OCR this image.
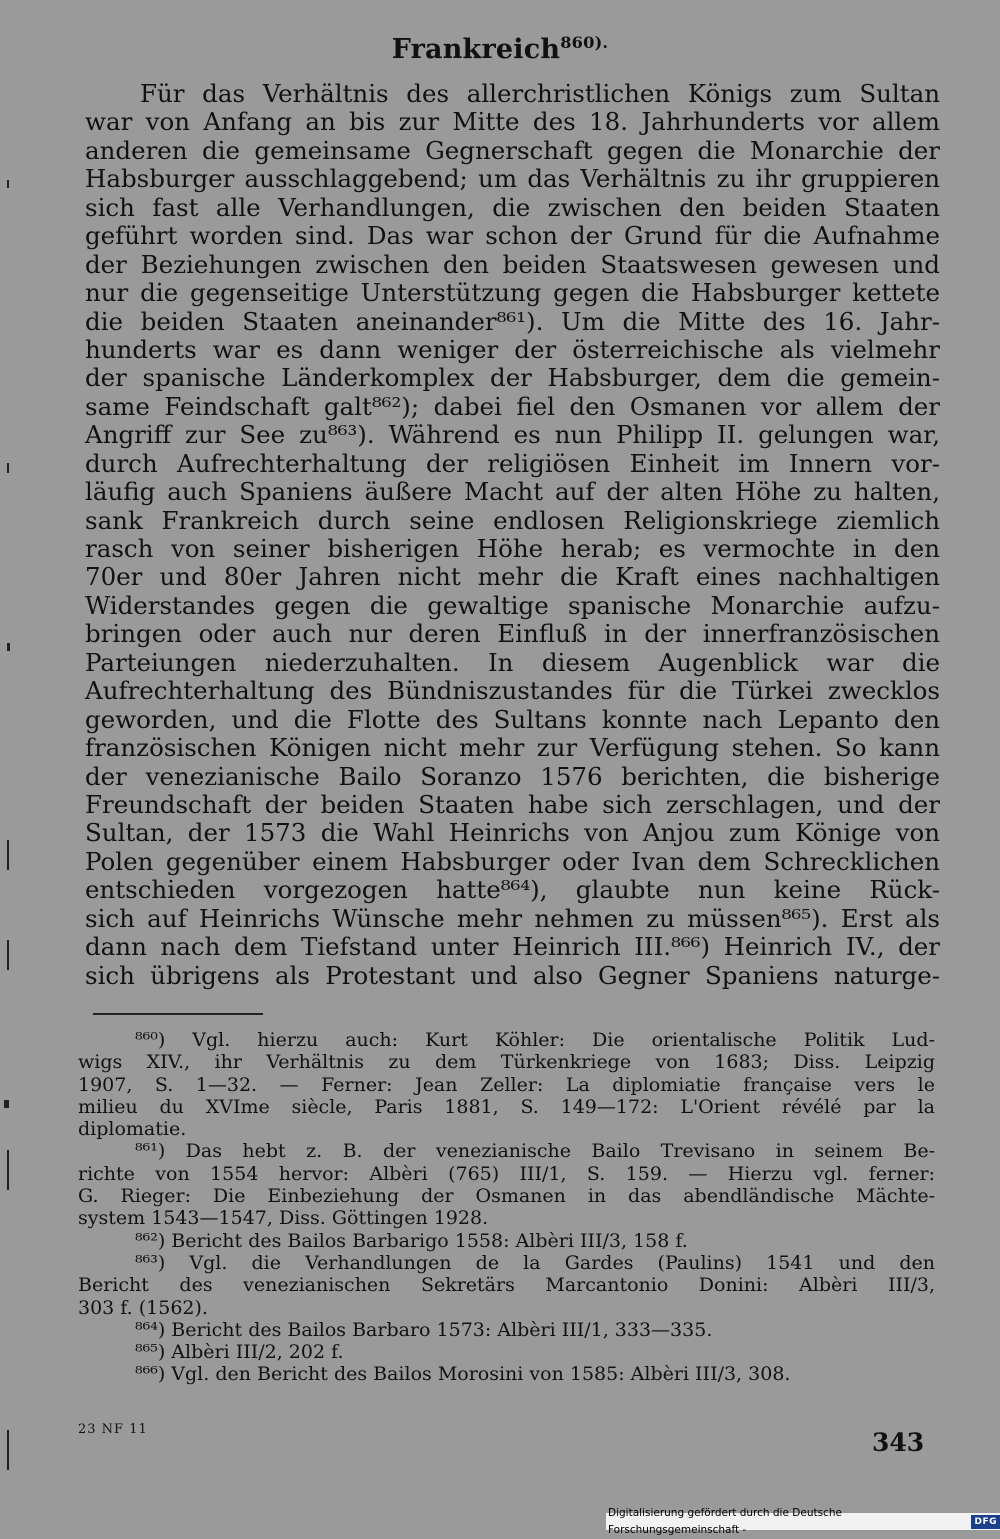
Frankreich$^{860).}$
Für das Verhältnis des allerchristlichen Königs zum Sultan
war von Anfang an bis zur Mitte des 18. Jahrhunderts vor allem
anderen die gemeinsame Gegnerschaft gegen die Monarchie der
Habsburger ausschlaggebend; um das Verhältnis zu ihr gruppieren
sich fast alle Verhandlungen, die zwischen den beiden Staaten
geführt worden sind. Das war schon der Grund für die Aufnahme
der Beziehungen zwischen den beiden Staatswesen gewesen und
nur die gegenseitige Unterstützung gegen die Habsburger kettete
die beiden Staaten aneinander⁸⁶¹). Um die Mitte des 16. Jahr-
hunderts war es dann weniger der österreichische als vielmehr
der spanische Länderkomplex der Habsburger, dem die gemein-
same Feindschaft galt⁸⁶²); dabei fiel den Osmanen vor allem der
Angriff zur See zu⁸⁶³). Während es nun Philipp II. gelungen war,
durch Aufrechterhaltung der religiösen Einheit im Innern vor-
läufig auch Spaniens äußere Macht auf der alten Höhe zu halten,
sank Frankreich durch seine endlosen Religionskriege ziemlich
rasch von seiner bisherigen Höhe herab; es vermochte in den
70er und 80er Jahren nicht mehr die Kraft eines nachhaltigen
Widerstandes gegen die gewaltige spanische Monarchie aufzu-
bringen oder auch nur deren Einfluß in der innerfranzösischen
Parteiungen niederzuhalten. In diesem Augenblick war die
Aufrechterhaltung des Bündniszustandes für die Türkei zwecklos
geworden, und die Flotte des Sultans konnte nach Lepanto den
französischen Königen nicht mehr zur Verfügung stehen. So kann
der venezianische Bailo Soranzo 1576 berichten, die bisherige
Freundschaft der beiden Staaten habe sich zerschlagen, und der
Sultan, der 1573 die Wahl Heinrichs von Anjou zum Könige von
Polen gegenüber einem Habsburger oder Ivan dem Schrecklichen
entschieden vorgezogen hatte⁸⁶⁴), glaubte nun keine Rück-
sich auf Heinrichs Wünsche mehr nehmen zu müssen⁸⁶⁵). Erst als
dann nach dem Tiefstand unter Heinrich III.⁸⁶⁶) Heinrich IV., der
sich übrigens als Protestant und also Gegner Spaniens naturge-
⁸⁶⁰) Vgl. hierzu auch: Kurt Köhler: Die orientalische Politik Lud-
wigs XIV., ihr Verhältnis zu dem Türkenkriege von 1683; Diss. Leipzig
1907, S. 1—32. — Ferner: Jean Zeller: La diplomiatie française vers le
milieu du XVIme siècle, Paris 1881, S. 149—172: L'Orient révélé par la
diplomatie.
⁸⁶¹) Das hebt z. B. der venezianische Bailo Trevisano in seinem Be-
richte von 1554 hervor: Albèri (765) III/1, S. 159. — Hierzu vgl. ferner:
G. Rieger: Die Einbeziehung der Osmanen in das abendländische Mächte-
system 1543—1547, Diss. Göttingen 1928.
⁸⁶²) Bericht des Bailos Barbarigo 1558: Albèri III/3, 158 f.
⁸⁶³) Vgl. die Verhandlungen de la Gardes (Paulins) 1541 und den
Bericht des venezianischen Sekretärs Marcantonio Donini: Albèri III/3,
303 f. (1562).
⁸⁶⁴) Bericht des Bailos Barbaro 1573: Albèri III/1, 333—335.
⁸⁶⁵) Albèri III/2, 202 f.
⁸⁶⁶) Vgl. den Bericht des Bailos Morosini von 1585: Albèri III/3, 308.
23 NF 11	343
Digitalisierung gefördert durch die Deutsche Forschungsgemeinschaft -
DFG
